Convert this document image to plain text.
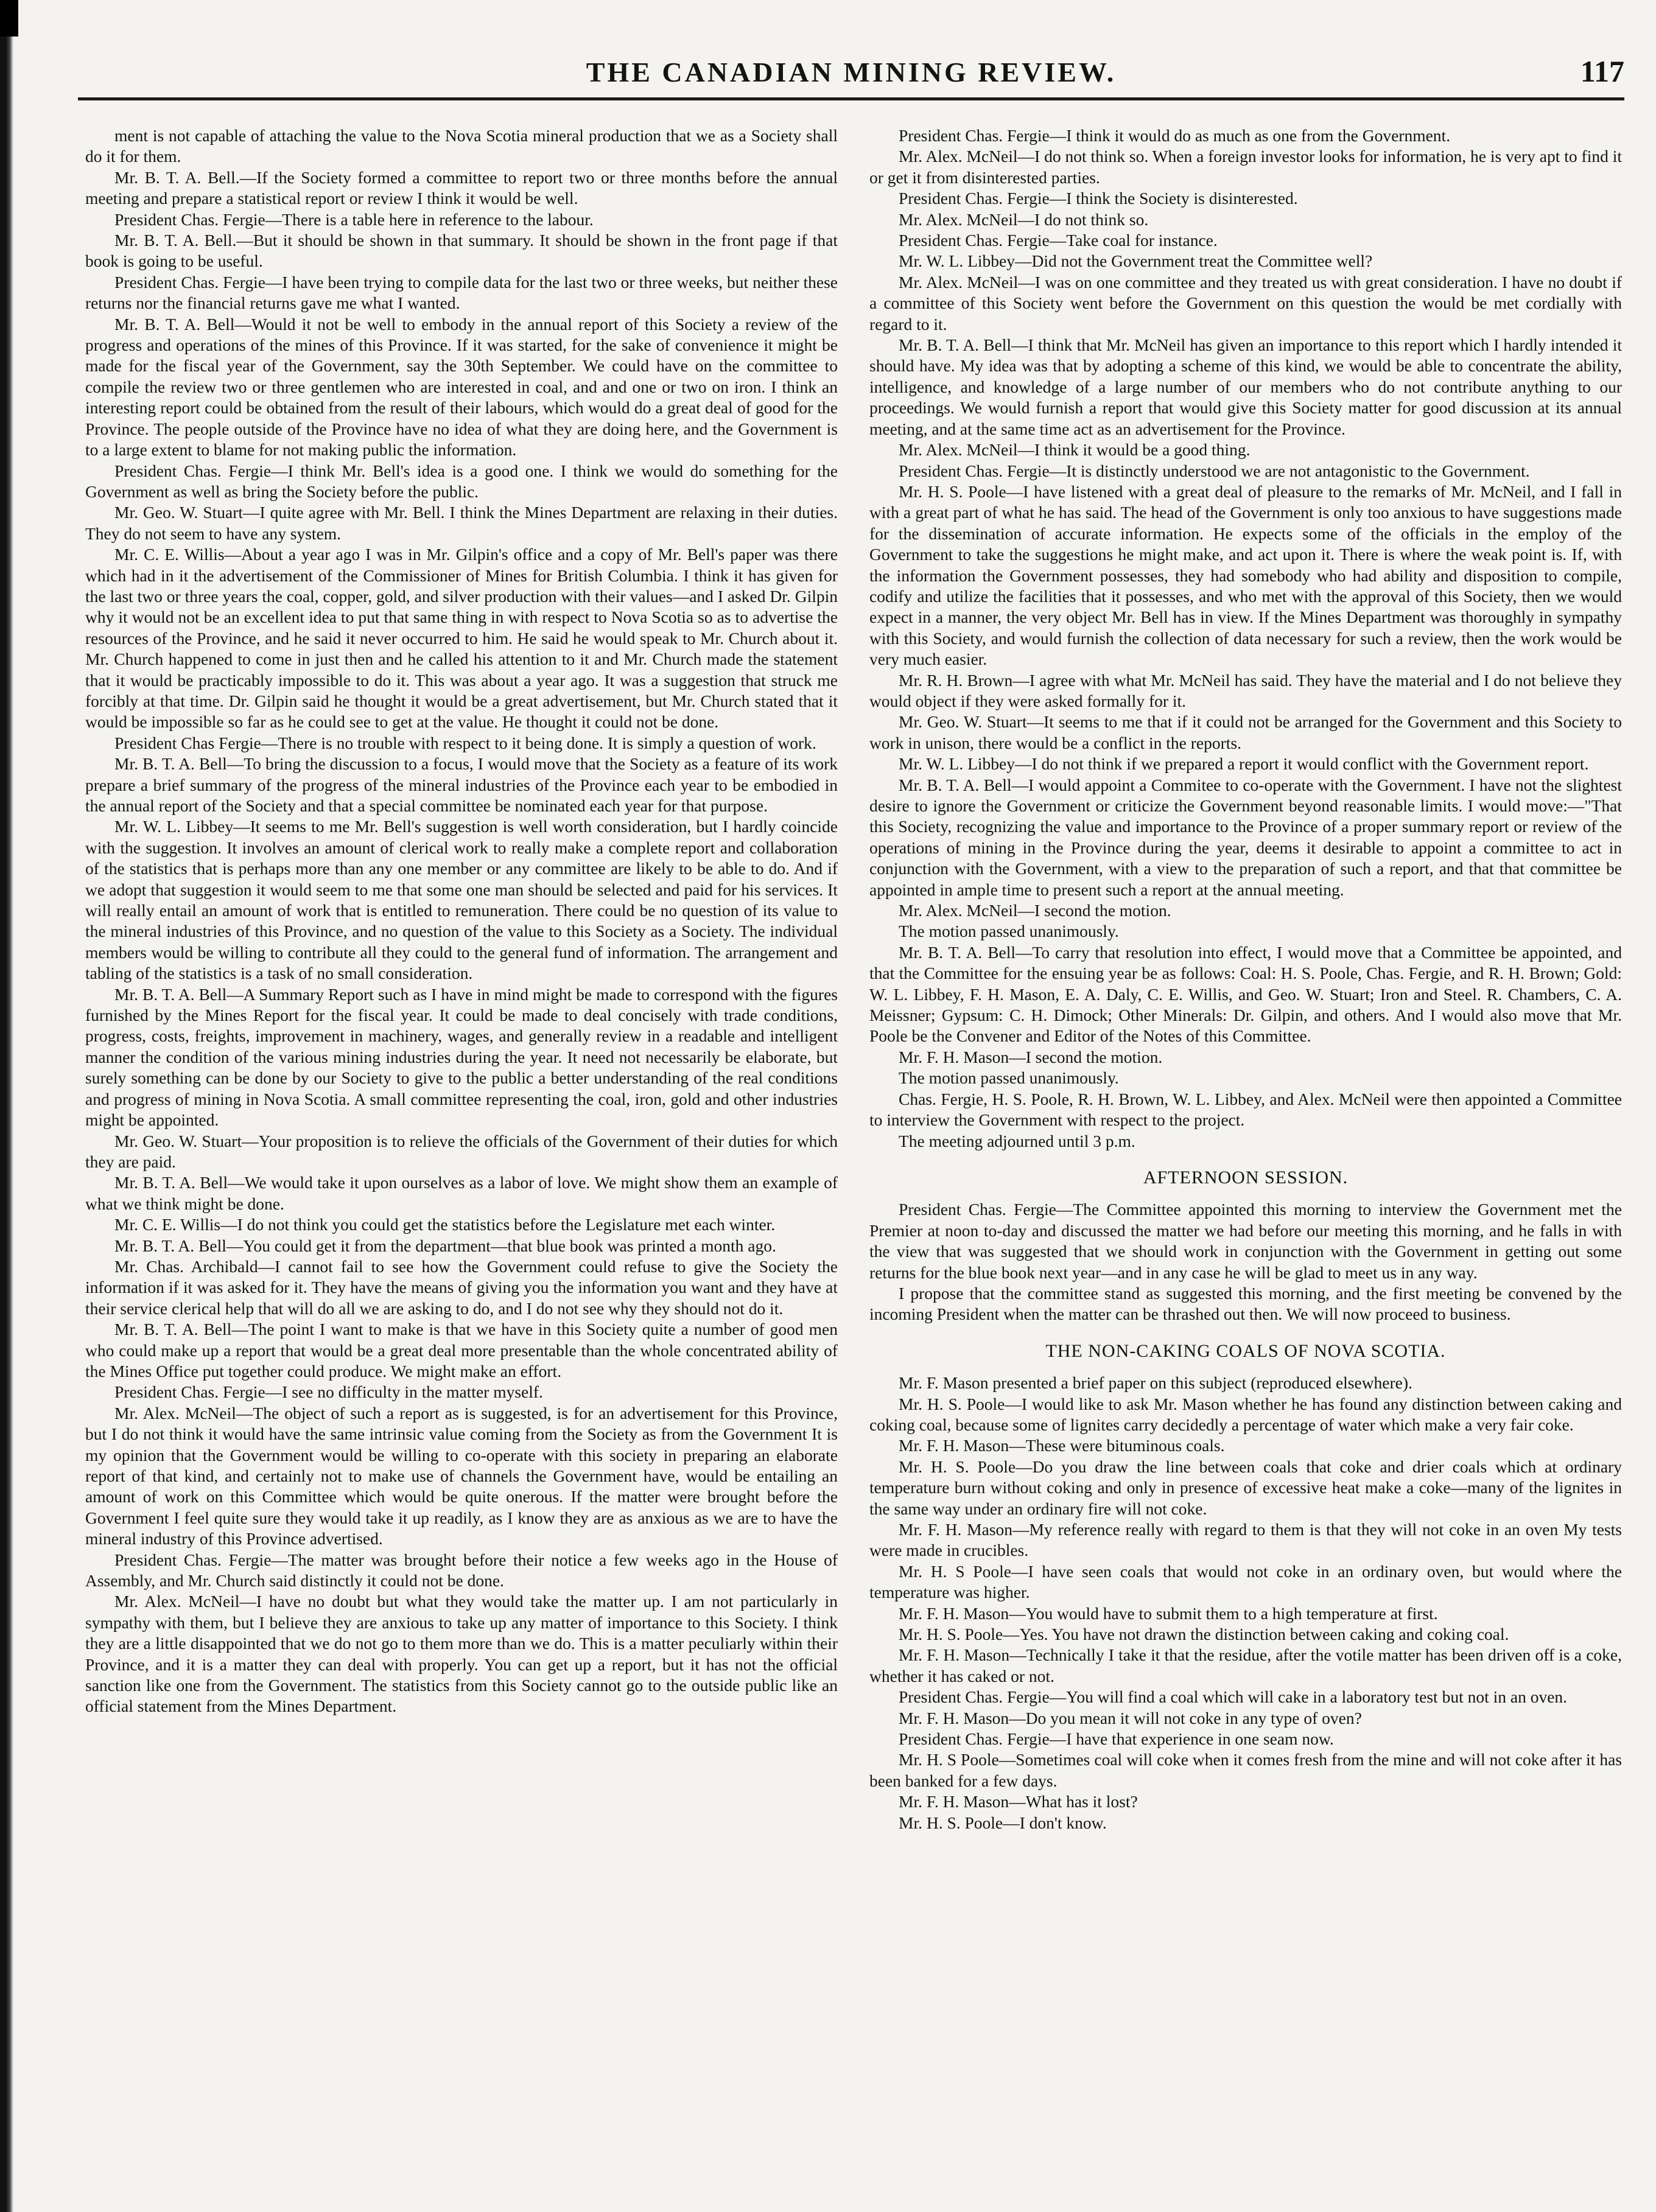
THE CANADIAN MINING REVIEW.	117

ment is not capable of attaching the value to the Nova Scotia mineral production that we as a Society shall do it for them.

Mr. B. T. A. Bell.—If the Society formed a committee to report two or three months before the annual meeting and prepare a statistical report or review I think it would be well.

President Chas. Fergie—There is a table here in reference to the labour.

Mr. B. T. A. Bell.—But it should be shown in that summary. It should be shown in the front page if that book is going to be useful.

President Chas. Fergie—I have been trying to compile data for the last two or three weeks, but neither these returns nor the financial returns gave me what I wanted.

Mr. B. T. A. Bell—Would it not be well to embody in the annual report of this Society a review of the progress and operations of the mines of this Province. If it was started, for the sake of convenience it might be made for the fiscal year of the Government, say the 30th September. We could have on the committee to compile the review two or three gentlemen who are interested in coal, and and one or two on iron. I think an interesting report could be obtained from the result of their labours, which would do a great deal of good for the Province. The people outside of the Province have no idea of what they are doing here, and the Government is to a large extent to blame for not making public the information.

President Chas. Fergie—I think Mr. Bell's idea is a good one. I think we would do something for the Government as well as bring the Society before the public.

Mr. Geo. W. Stuart—I quite agree with Mr. Bell. I think the Mines Department are relaxing in their duties. They do not seem to have any system.

Mr. C. E. Willis—About a year ago I was in Mr. Gilpin's office and a copy of Mr. Bell's paper was there which had in it the advertisement of the Commissioner of Mines for British Columbia. I think it has given for the last two or three years the coal, copper, gold, and silver production with their values—and I asked Dr. Gilpin why it would not be an excellent idea to put that same thing in with respect to Nova Scotia so as to advertise the resources of the Province, and he said it never occurred to him. He said he would speak to Mr. Church about it. Mr. Church happened to come in just then and he called his attention to it and Mr. Church made the statement that it would be practicably impossible to do it. This was about a year ago. It was a suggestion that struck me forcibly at that time. Dr. Gilpin said he thought it would be a great advertisement, but Mr. Church stated that it would be impossible so far as he could see to get at the value. He thought it could not be done.

President Chas Fergie—There is no trouble with respect to it being done. It is simply a question of work.

Mr. B. T. A. Bell—To bring the discussion to a focus, I would move that the Society as a feature of its work prepare a brief summary of the progress of the mineral industries of the Province each year to be embodied in the annual report of the Society and that a special committee be nominated each year for that purpose.

Mr. W. L. Libbey—It seems to me Mr. Bell's suggestion is well worth consideration, but I hardly coincide with the suggestion. It involves an amount of clerical work to really make a complete report and collaboration of the statistics that is perhaps more than any one member or any committee are likely to be able to do. And if we adopt that suggestion it would seem to me that some one man should be selected and paid for his services. It will really entail an amount of work that is entitled to remuneration. There could be no question of its value to the mineral industries of this Province, and no question of the value to this Society as a Society. The individual members would be willing to contribute all they could to the general fund of information. The arrangement and tabling of the statistics is a task of no small consideration.

Mr. B. T. A. Bell—A Summary Report such as I have in mind might be made to correspond with the figures furnished by the Mines Report for the fiscal year. It could be made to deal concisely with trade conditions, progress, costs, freights, improvement in machinery, wages, and generally review in a readable and intelligent manner the condition of the various mining industries during the year. It need not necessarily be elaborate, but surely something can be done by our Society to give to the public a better understanding of the real conditions and progress of mining in Nova Scotia. A small committee representing the coal, iron, gold and other industries might be appointed.

Mr. Geo. W. Stuart—Your proposition is to relieve the officials of the Government of their duties for which they are paid.

Mr. B. T. A. Bell—We would take it upon ourselves as a labor of love. We might show them an example of what we think might be done.

Mr. C. E. Willis—I do not think you could get the statistics before the Legislature met each winter.

Mr. B. T. A. Bell—You could get it from the department—that blue book was printed a month ago.

Mr. Chas. Archibald—I cannot fail to see how the Government could refuse to give the Society the information if it was asked for it. They have the means of giving you the information you want and they have at their service clerical help that will do all we are asking to do, and I do not see why they should not do it.

Mr. B. T. A. Bell—The point I want to make is that we have in this Society quite a number of good men who could make up a report that would be a great deal more presentable than the whole concentrated ability of the Mines Office put together could produce. We might make an effort.

President Chas. Fergie—I see no difficulty in the matter myself.

Mr. Alex. McNeil—The object of such a report as is suggested, is for an advertisement for this Province, but I do not think it would have the same intrinsic value coming from the Society as from the Government It is my opinion that the Government would be willing to co-operate with this society in preparing an elaborate report of that kind, and certainly not to make use of channels the Government have, would be entailing an amount of work on this Committee which would be quite onerous. If the matter were brought before the Government I feel quite sure they would take it up readily, as I know they are as anxious as we are to have the mineral industry of this Province advertised.

President Chas. Fergie—The matter was brought before their notice a few weeks ago in the House of Assembly, and Mr. Church said distinctly it could not be done.

Mr. Alex. McNeil—I have no doubt but what they would take the matter up. I am not particularly in sympathy with them, but I believe they are anxious to take up any matter of importance to this Society. I think they are a little disappointed that we do not go to them more than we do. This is a matter peculiarly within their Province, and it is a matter they can deal with properly. You can get up a report, but it has not the official sanction like one from the Government. The statistics from this Society cannot go to the outside public like an official statement from the Mines Department.

President Chas. Fergie—I think it would do as much as one from the Government.

Mr. Alex. McNeil—I do not think so. When a foreign investor looks for information, he is very apt to find it or get it from disinterested parties.

President Chas. Fergie—I think the Society is disinterested.

Mr. Alex. McNeil—I do not think so.

President Chas. Fergie—Take coal for instance.

Mr. W. L. Libbey—Did not the Government treat the Committee well?

Mr. Alex. McNeil—I was on one committee and they treated us with great consideration. I have no doubt if a committee of this Society went before the Government on this question the would be met cordially with regard to it.

Mr. B. T. A. Bell—I think that Mr. McNeil has given an importance to this report which I hardly intended it should have. My idea was that by adopting a scheme of this kind, we would be able to concentrate the ability, intelligence, and knowledge of a large number of our members who do not contribute anything to our proceedings. We would furnish a report that would give this Society matter for good discussion at its annual meeting, and at the same time act as an advertisement for the Province.

Mr. Alex. McNeil—I think it would be a good thing.

President Chas. Fergie—It is distinctly understood we are not antagonistic to the Government.

Mr. H. S. Poole—I have listened with a great deal of pleasure to the remarks of Mr. McNeil, and I fall in with a great part of what he has said. The head of the Government is only too anxious to have suggestions made for the dissemination of accurate information. He expects some of the officials in the employ of the Government to take the suggestions he might make, and act upon it. There is where the weak point is. If, with the information the Government possesses, they had somebody who had ability and disposition to compile, codify and utilize the facilities that it possesses, and who met with the approval of this Society, then we would expect in a manner, the very object Mr. Bell has in view. If the Mines Department was thoroughly in sympathy with this Society, and would furnish the collection of data necessary for such a review, then the work would be very much easier.

Mr. R. H. Brown—I agree with what Mr. McNeil has said. They have the material and I do not believe they would object if they were asked formally for it.

Mr. Geo. W. Stuart—It seems to me that if it could not be arranged for the Government and this Society to work in unison, there would be a conflict in the reports.

Mr. W. L. Libbey—I do not think if we prepared a report it would conflict with the Government report.

Mr. B. T. A. Bell—I would appoint a Commitee to co-operate with the Government. I have not the slightest desire to ignore the Government or criticize the Government beyond reasonable limits. I would move:—"That this Society, recognizing the value and importance to the Province of a proper summary report or review of the operations of mining in the Province during the year, deems it desirable to appoint a committee to act in conjunction with the Government, with a view to the preparation of such a report, and that that committee be appointed in ample time to present such a report at the annual meeting.

Mr. Alex. McNeil—I second the motion.

The motion passed unanimously.

Mr. B. T. A. Bell—To carry that resolution into effect, I would move that a Committee be appointed, and that the Committee for the ensuing year be as follows: Coal: H. S. Poole, Chas. Fergie, and R. H. Brown; Gold: W. L. Libbey, F. H. Mason, E. A. Daly, C. E. Willis, and Geo. W. Stuart; Iron and Steel. R. Chambers, C. A. Meissner; Gypsum: C. H. Dimock; Other Minerals: Dr. Gilpin, and others. And I would also move that Mr. Poole be the Convener and Editor of the Notes of this Committee.

Mr. F. H. Mason—I second the motion.

The motion passed unanimously.

Chas. Fergie, H. S. Poole, R. H. Brown, W. L. Libbey, and Alex. McNeil were then appointed a Committee to interview the Government with respect to the project.

The meeting adjourned until 3 p.m.

AFTERNOON SESSION.

President Chas. Fergie—The Committee appointed this morning to interview the Government met the Premier at noon to-day and discussed the matter we had before our meeting this morning, and he falls in with the view that was suggested that we should work in conjunction with the Government in getting out some returns for the blue book next year—and in any case he will be glad to meet us in any way.

I propose that the committee stand as suggested this morning, and the first meeting be convened by the incoming President when the matter can be thrashed out then. We will now proceed to business.

THE NON-CAKING COALS OF NOVA SCOTIA.

Mr. F. Mason presented a brief paper on this subject (reproduced elsewhere).

Mr. H. S. Poole—I would like to ask Mr. Mason whether he has found any distinction between caking and coking coal, because some of lignites carry decidedly a percentage of water which make a very fair coke.

Mr. F. H. Mason—These were bituminous coals.

Mr. H. S. Poole—Do you draw the line between coals that coke and drier coals which at ordinary temperature burn without coking and only in presence of excessive heat make a coke—many of the lignites in the same way under an ordinary fire will not coke.

Mr. F. H. Mason—My reference really with regard to them is that they will not coke in an oven My tests were made in crucibles.

Mr. H. S Poole—I have seen coals that would not coke in an ordinary oven, but would where the temperature was higher.

Mr. F. H. Mason—You would have to submit them to a high temperature at first.

Mr. H. S. Poole—Yes. You have not drawn the distinction between caking and coking coal.

Mr. F. H. Mason—Technically I take it that the residue, after the votile matter has been driven off is a coke, whether it has caked or not.

President Chas. Fergie—You will find a coal which will cake in a laboratory test but not in an oven.

Mr. F. H. Mason—Do you mean it will not coke in any type of oven?

President Chas. Fergie—I have that experience in one seam now.

Mr. H. S Poole—Sometimes coal will coke when it comes fresh from the mine and will not coke after it has been banked for a few days.

Mr. F. H. Mason—What has it lost?

Mr. H. S. Poole—I don't know.
